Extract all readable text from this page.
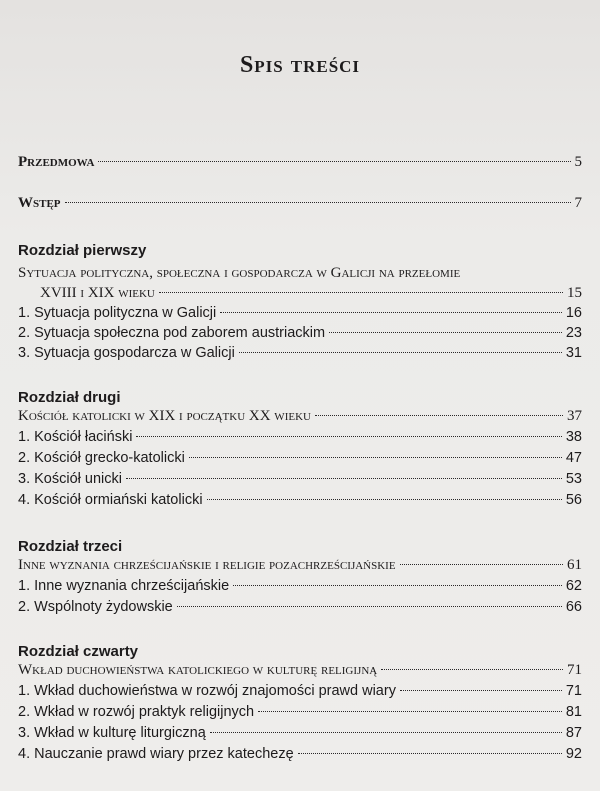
Spis treści
Przedmowa	5
Wstęp	7
Rozdział pierwszy
Sytuacja polityczna, społeczna i gospodarcza w Galicji na przełomie
XVIII i XIX wieku	15
1. Sytuacja polityczna w Galicji	16
2. Sytuacja społeczna pod zaborem austriackim	23
3. Sytuacja gospodarcza w Galicji	31
Rozdział drugi
Kościół katolicki w XIX i początku XX wieku	37
1. Kościół łaciński	38
2. Kościół grecko-katolicki	47
3. Kościół unicki	53
4. Kościół ormiański katolicki	56
Rozdział trzeci
Inne wyznania chrześcijańskie i religie pozachrześcijańskie	61
1. Inne wyznania chrześcijańskie	62
2. Wspólnoty żydowskie	66
Rozdział czwarty
Wkład duchowieństwa katolickiego w kulturę religijną	71
1. Wkład duchowieństwa w rozwój znajomości prawd wiary	71
2. Wkład w rozwój praktyk religijnych	81
3. Wkład w kulturę liturgiczną	87
4. Nauczanie prawd wiary przez katechezę	92
